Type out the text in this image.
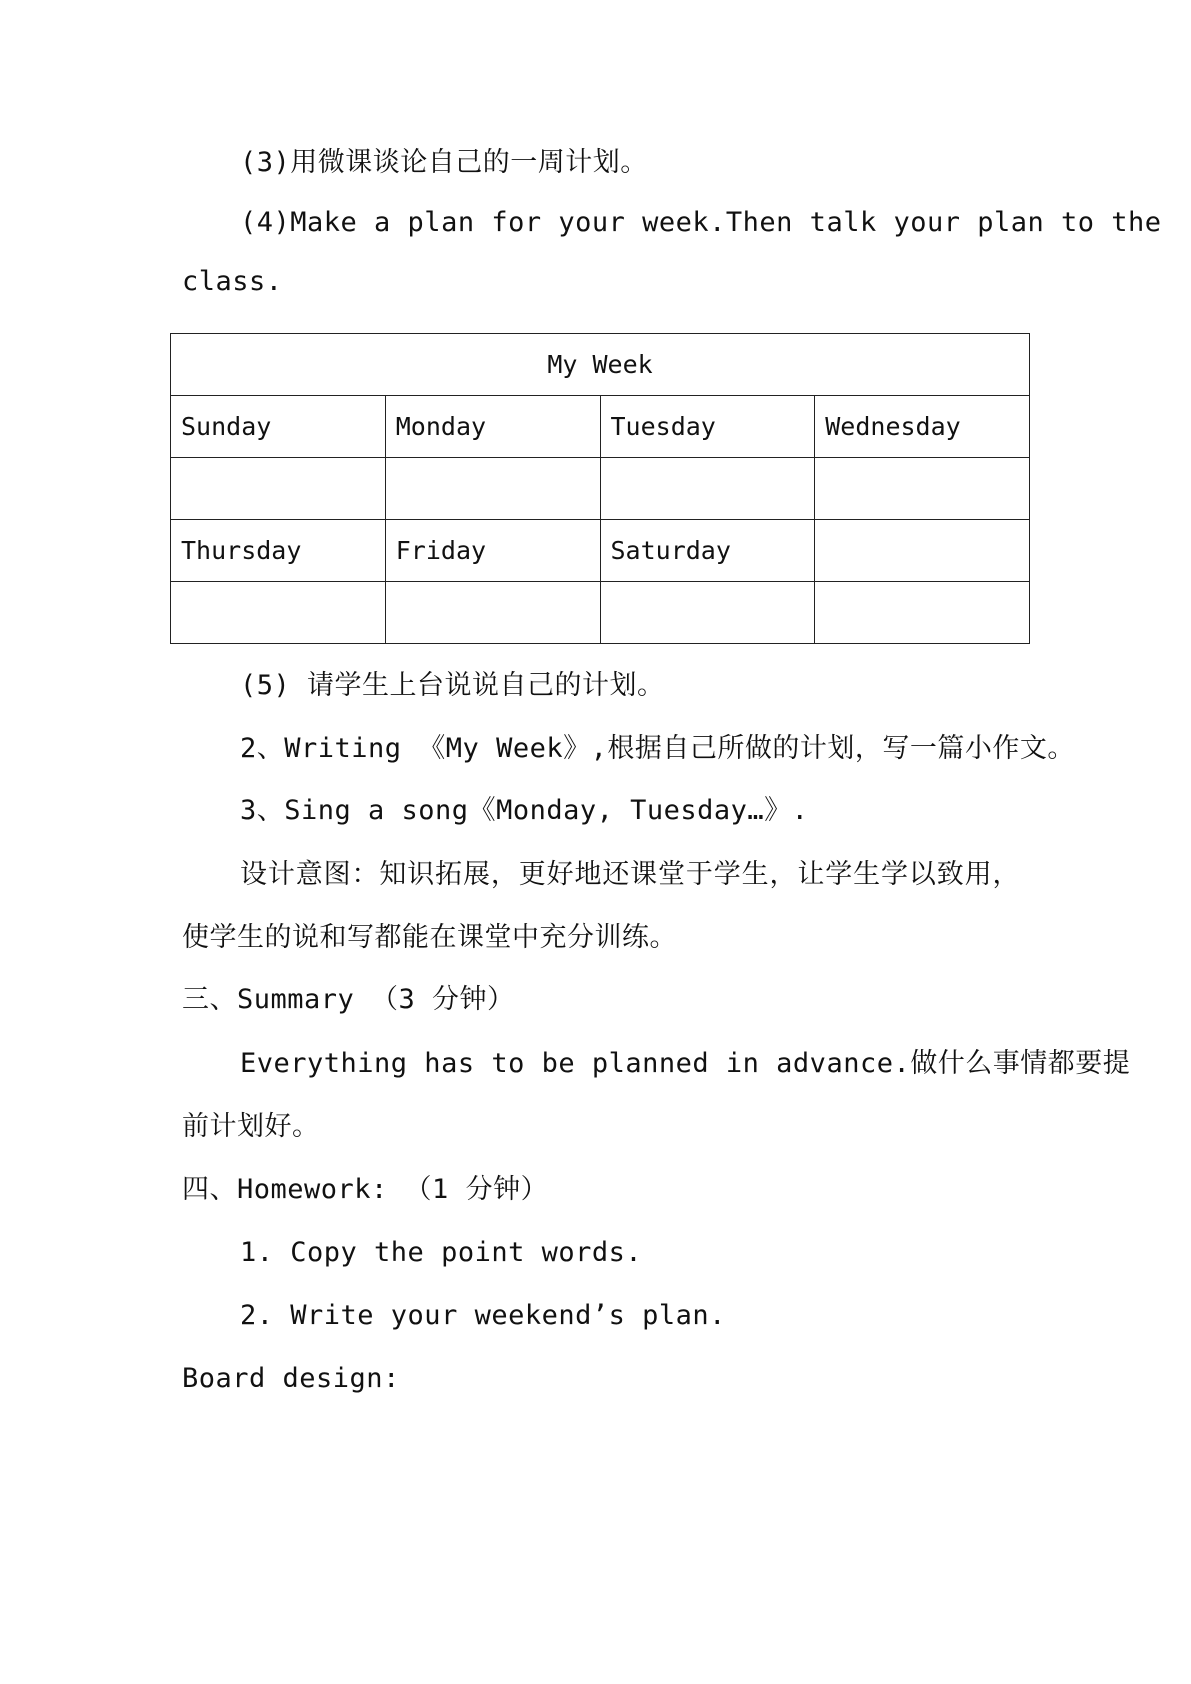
(3)用微课谈论自己的一周计划。
(4)Make a plan for your week.Then talk your plan to the
class.
My Week			
Sunday	Monday	Tuesday	Wednesday

Thursday	Friday	Saturday	

(5) 请学生上台说说自己的计划。
2、Writing 《My Week》,根据自己所做的计划，写一篇小作文。
3、Sing a song《Monday, Tuesday…》.
设计意图：知识拓展，更好地还课堂于学生，让学生学以致用，
使学生的说和写都能在课堂中充分训练。
三、Summary （3 分钟）
Everything has to be planned in advance.做什么事情都要提
前计划好。
四、Homework: （1 分钟）
1. Copy the point words.
2. Write your weekend’s plan.
Board design:
